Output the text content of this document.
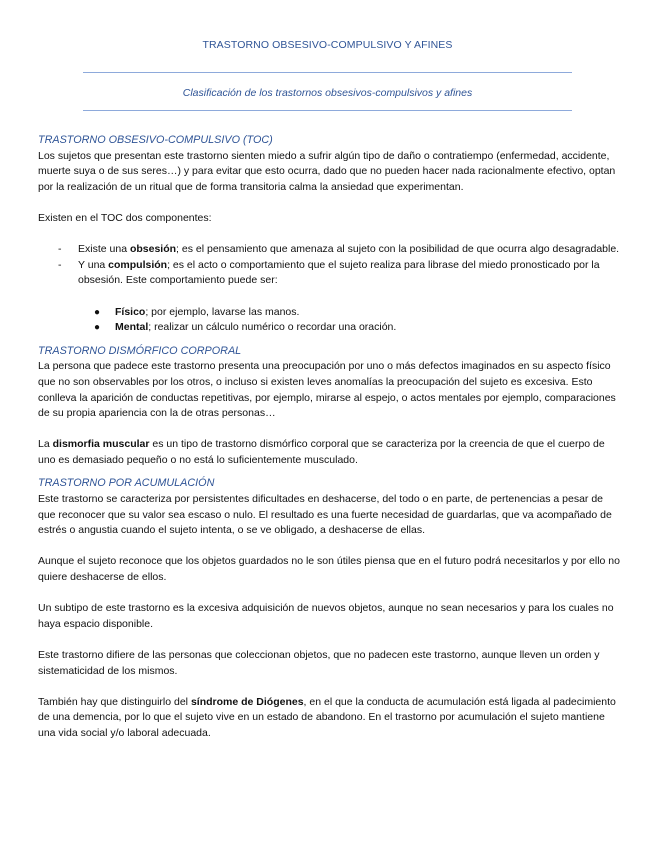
TRASTORNO OBSESIVO-COMPULSIVO Y AFINES
Clasificación de los trastornos obsesivos-compulsivos y afines
TRASTORNO OBSESIVO-COMPULSIVO (TOC)

Los sujetos que presentan este trastorno sienten miedo a sufrir algún tipo de daño o contratiempo (enfermedad, accidente, muerte suya o de sus seres…) y para evitar que esto ocurra, dado que no pueden hacer nada racionalmente efectivo, optan por la realización de un ritual que de forma transitoria calma la ansiedad que experimentan.

Existen en el TOC dos componentes:

- Existe una obsesión; es el pensamiento que amenaza al sujeto con la posibilidad de que ocurra algo desagradable.
- Y una compulsión; es el acto o comportamiento que el sujeto realiza para librase del miedo pronosticado por la obsesión. Este comportamiento puede ser:
● Físico; por ejemplo, lavarse las manos.
● Mental; realizar un cálculo numérico o recordar una oración.
TRASTORNO DISMÓRFICO CORPORAL

La persona que padece este trastorno presenta una preocupación por uno o más defectos imaginados en su aspecto físico que no son observables por los otros, o incluso si existen leves anomalías la preocupación del sujeto es excesiva. Esto conlleva la aparición de conductas repetitivas, por ejemplo, mirarse al espejo, o actos mentales por ejemplo, comparaciones de su propia apariencia con la de otras personas…

La dismorfia muscular es un tipo de trastorno dismórfico corporal que se caracteriza por la creencia de que el cuerpo de uno es demasiado pequeño o no está lo suficientemente musculado.

TRASTORNO POR ACUMULACIÓN

Este trastorno se caracteriza por persistentes dificultades en deshacerse, del todo o en parte, de pertenencias a pesar de que reconocer que su valor sea escaso o nulo. El resultado es una fuerte necesidad de guardarlas, que va acompañado de estrés o angustia cuando el sujeto intenta, o se ve obligado, a deshacerse de ellas.

Aunque el sujeto reconoce que los objetos guardados no le son útiles piensa que en el futuro podrá necesitarlos y por ello no quiere deshacerse de ellos.

Un subtipo de este trastorno es la excesiva adquisición de nuevos objetos, aunque no sean necesarios y para los cuales no haya espacio disponible.

Este trastorno difiere de las personas que coleccionan objetos, que no padecen este trastorno, aunque lleven un orden y sistematicidad de los mismos.

También hay que distinguirlo del síndrome de Diógenes, en el que la conducta de acumulación está ligada al padecimiento de una demencia, por lo que el sujeto vive en un estado de abandono. En el trastorno por acumulación el sujeto mantiene una vida social y/o laboral adecuada.
